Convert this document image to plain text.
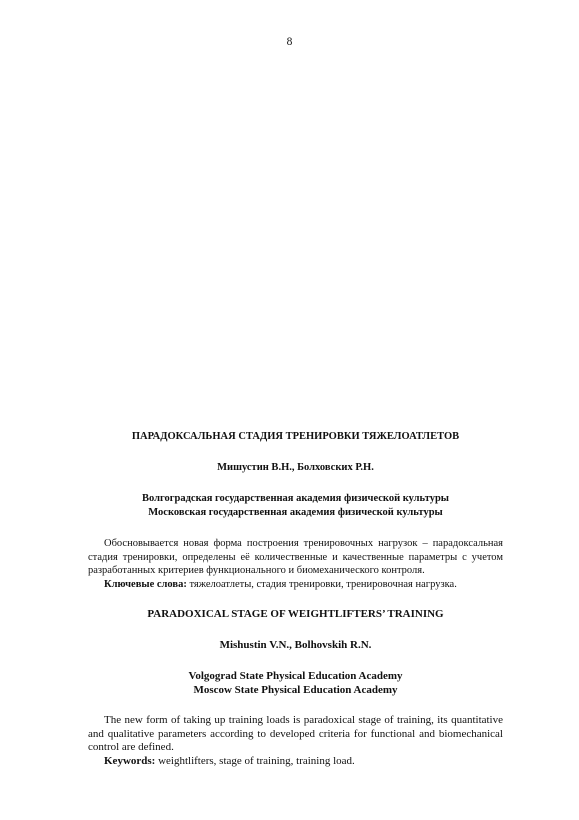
8

ПАРАДОКСАЛЬНАЯ СТАДИЯ ТРЕНИРОВКИ ТЯЖЕЛОАТЛЕТОВ

Мишустин В.Н., Болховских Р.Н.

Волгоградская государственная академия физической культуры
Московская государственная академия физической культуры

Обосновывается новая форма построения тренировочных нагрузок – парадоксальная стадия тренировки, определены её количественные и качественные параметры с учетом разработанных критериев функционального и биомеханического контроля.

Ключевые слова: тяжелоатлеты, стадия тренировки, тренировочная нагрузка.

PARADOXICAL STAGE OF WEIGHTLIFTERS’ TRAINING

Mishustin V.N., Bolhovskih R.N.

Volgograd State Physical Education Academy
Moscow State Physical Education Academy

The new form of taking up training loads is paradoxical stage of training, its quantitative and qualitative parameters according to developed criteria for functional and biomechanical control are defined.

Keywords: weightlifters, stage of training, training load.
